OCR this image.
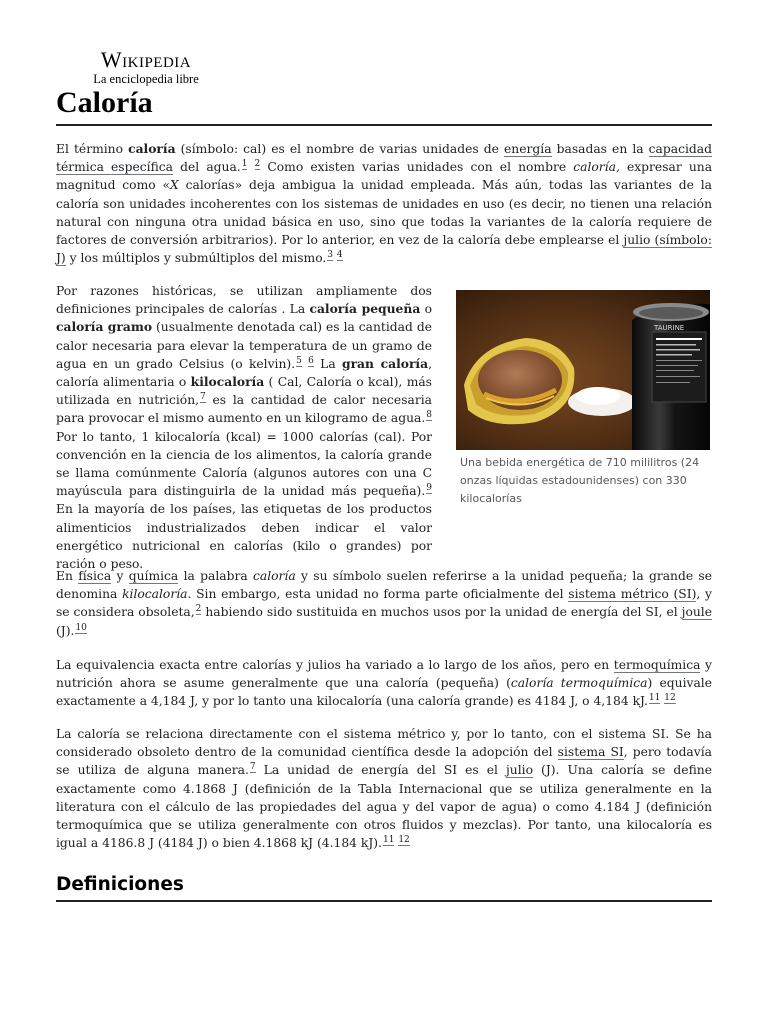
Wikipedia
La enciclopedia libre
Caloría

El término caloría (símbolo: cal) es el nombre de varias unidades de energía basadas en la capacidad térmica específica del agua.$^{1 2}$ Como existen varias unidades con el nombre caloría, expresar una magnitud como «X calorías» deja ambigua la unidad empleada. Más aún, todas las variantes de la caloría son unidades incoherentes con los sistemas de unidades en uso (es decir, no tienen una relación natural con ninguna otra unidad básica en uso, sino que todas la variantes de la caloría requiere de factores de conversión arbitrarios). Por lo anterior, en vez de la caloría debe emplearse el julio (símbolo: J) y los múltiplos y submúltiplos del mismo.$^{3 4}$

Por razones históricas, se utilizan ampliamente dos definiciones principales de calorías . La caloría pequeña o caloría gramo (usualmente denotada cal) es la cantidad de calor necesaria para elevar la temperatura de un gramo de agua en un grado Celsius (o kelvin).$^{5 6}$ La gran caloría, caloría alimentaria o kilocaloría ( Cal, Caloría o kcal), más utilizada en nutrición,$^7$ es la cantidad de calor necesaria para provocar el mismo aumento en un kilogramo de agua.$^8$ Por lo tanto, 1 kilocaloría (kcal) = 1000 calorías (cal). Por convención en la ciencia de los alimentos, la caloría grande se llama comúnmente Caloría (algunos autores con una C mayúscula para distinguirla de la unidad más pequeña).$^9$ En la mayoría de los países, las etiquetas de los productos alimenticios industrializados deben indicar el valor energético nutricional en calorías (kilo o grandes) por ración o peso.

TAURINE
Una bebida energética de 710 mililitros (24 onzas líquidas estadounidenses) con 330 kilocalorías

En física y química la palabra caloría y su símbolo suelen referirse a la unidad pequeña; la grande se denomina kilocaloría. Sin embargo, esta unidad no forma parte oficialmente del sistema métrico (SI), y se considera obsoleta,$^2$ habiendo sido sustituida en muchos usos por la unidad de energía del SI, el joule (J).$^{10}$

La equivalencia exacta entre calorías y julios ha variado a lo largo de los años, pero en termoquímica y nutrición ahora se asume generalmente que una caloría (pequeña) (caloría termoquímica) equivale exactamente a 4,184 J, y por lo tanto una kilocaloría (una caloría grande) es 4184 J, o 4,184 kJ.$^{11 12}$

La caloría se relaciona directamente con el sistema métrico y, por lo tanto, con el sistema SI. Se ha considerado obsoleto dentro de la comunidad científica desde la adopción del sistema SI, pero todavía se utiliza de alguna manera.$^7$ La unidad de energía del SI es el julio (J). Una caloría se define exactamente como 4.1868 J (definición de la Tabla Internacional que se utiliza generalmente en la literatura con el cálculo de las propiedades del agua y del vapor de agua) o como 4.184 J (definición termoquímica que se utiliza generalmente con otros fluidos y mezclas). Por tanto, una kilocaloría es igual a 4186.8 J (4184 J) o bien 4.1868 kJ (4.184 kJ).$^{11 12}$

Definiciones
